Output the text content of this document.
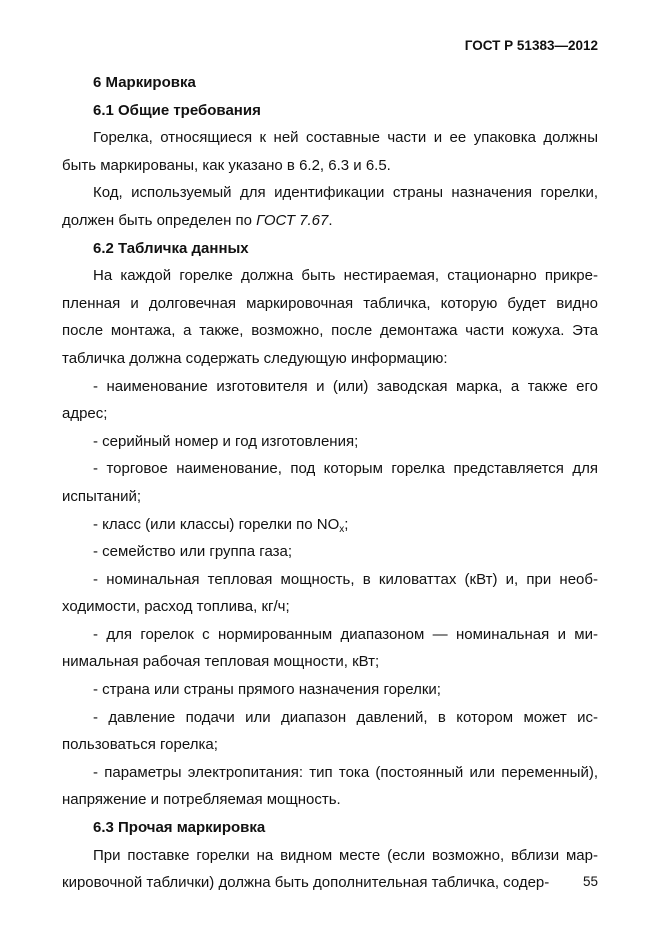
ГОСТ Р 51383—2012

6 Маркировка
6.1 Общие требования

Горелка, относящиеся к ней составные части и ее упаковка должны быть маркированы, как указано в 6.2, 6.3 и 6.5.

Код, используемый для идентификации страны назначения горелки, должен быть определен по ГОСТ 7.67.

6.2 Табличка данных

На каждой горелке должна быть нестираемая, стационарно прикрепленная и долговечная маркировочная табличка, которую будет видно после монтажа, а также, возможно, после демонтажа части кожуха. Эта табличка должна содержать следующую информацию:

- наименование изготовителя и (или) заводская марка, а также его адрес;

- серийный номер и год изготовления;

- торговое наименование, под которым горелка представляется для испытаний;

- класс (или классы) горелки по $NO_x$;

- семейство или группа газа;

- номинальная тепловая мощность, в киловаттах (кВт) и, при необходимости, расход топлива, кг/ч;

- для горелок с нормированным диапазоном — номинальная и минимальная рабочая тепловая мощности, кВт;

- страна или страны прямого назначения горелки;

- давление подачи или диапазон давлений, в котором может использоваться горелка;

- параметры электропитания: тип тока (постоянный или переменный), напряжение и потребляемая мощность.

6.3 Прочая маркировка

При поставке горелки на видном месте (если возможно, вблизи маркировочной таблички) должна быть дополнительная табличка, содер-	55
